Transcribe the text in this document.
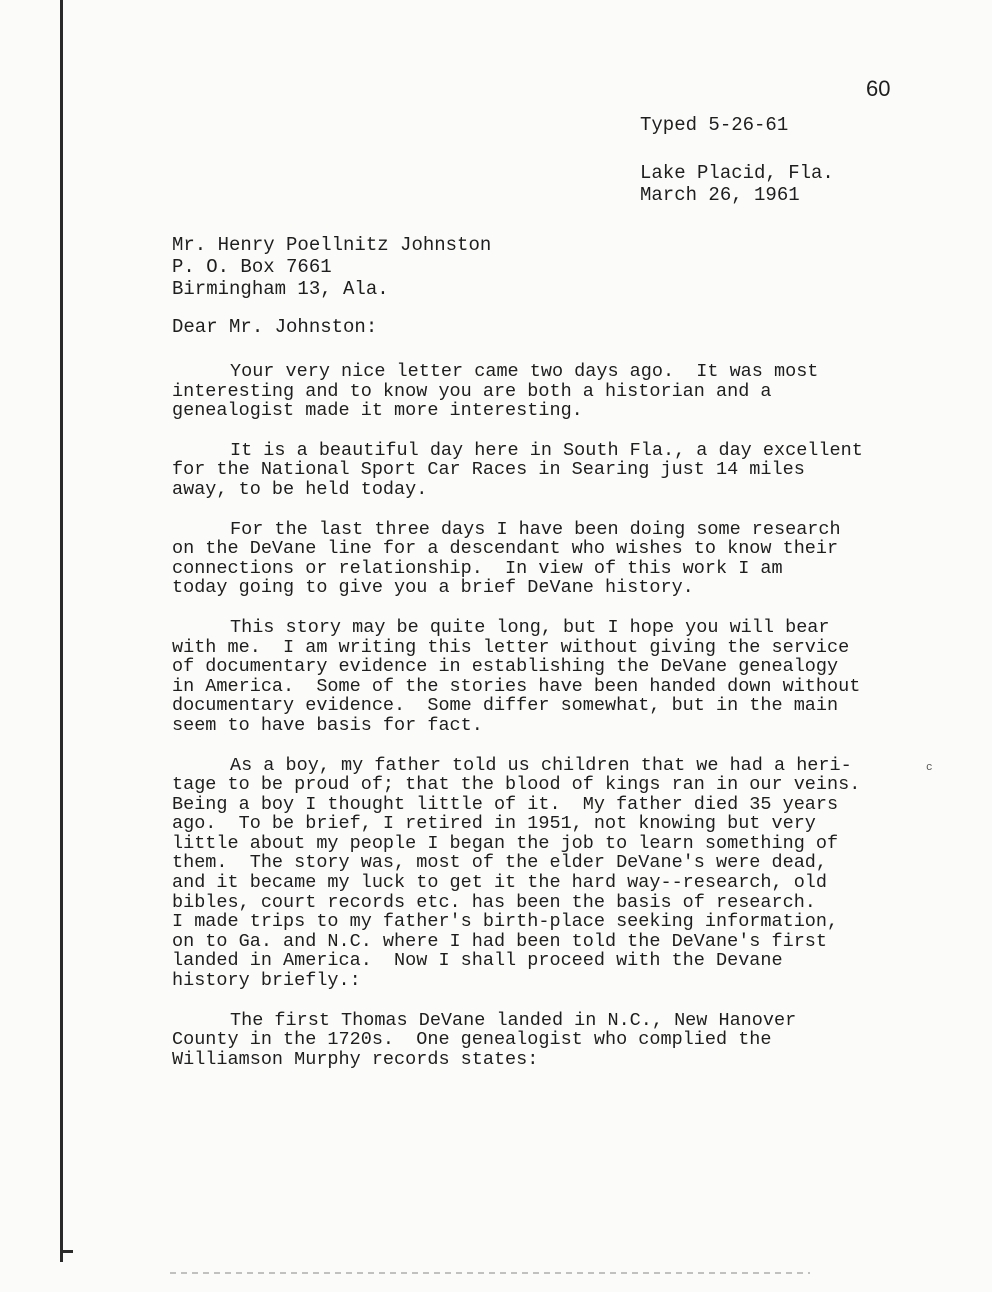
60
Typed 5-26-61
Lake Placid, Fla.
March 26, 1961
Mr. Henry Poellnitz Johnston
P. O. Box 7661
Birmingham 13, Ala.
Dear Mr. Johnston:
Your very nice letter came two days ago.  It was most
interesting and to know you are both a historian and a
genealogist made it more interesting.
It is a beautiful day here in South Fla., a day excellent
for the National Sport Car Races in Searing just 14 miles
away, to be held today.
For the last three days I have been doing some research
on the DeVane line for a descendant who wishes to know their
connections or relationship.  In view of this work I am
today going to give you a brief DeVane history.
This story may be quite long, but I hope you will bear
with me.  I am writing this letter without giving the service
of documentary evidence in establishing the DeVane genealogy
in America.  Some of the stories have been handed down without
documentary evidence.  Some differ somewhat, but in the main
seem to have basis for fact.
As a boy, my father told us children that we had a heri-
tage to be proud of; that the blood of kings ran in our veins.
Being a boy I thought little of it.  My father died 35 years
ago.  To be brief, I retired in 1951, not knowing but very
little about my people I began the job to learn something of
them.  The story was, most of the elder DeVane's were dead,
and it became my luck to get it the hard way--research, old
bibles, court records etc. has been the basis of research.
I made trips to my father's birth-place seeking information,
on to Ga. and N.C. where I had been told the DeVane's first
landed in America.  Now I shall proceed with the Devane
history briefly.:
The first Thomas DeVane landed in N.C., New Hanover
County in the 1720s.  One genealogist who complied the
Williamson Murphy records states:
c
